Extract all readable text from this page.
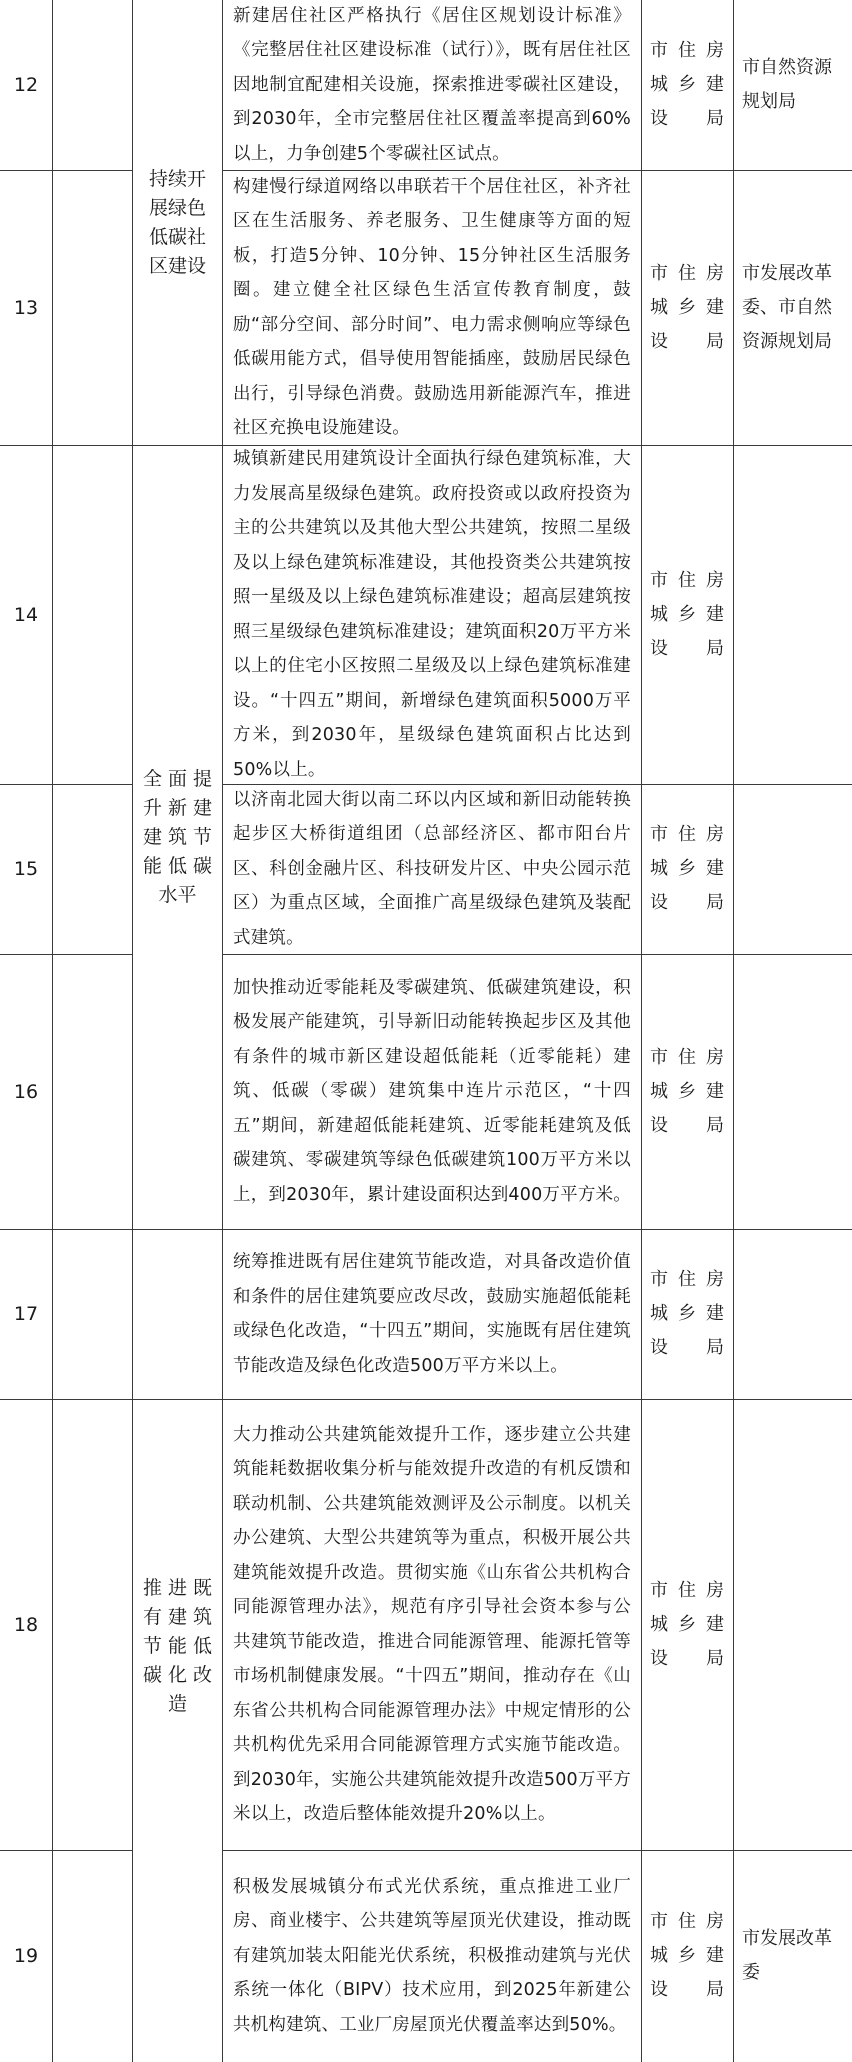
12
新建居住社区严格执行《居住区规划设计标准》《完整居住社区建设标准（试行）》，既有居住社区因地制宜配建相关设施，探索推进零碳社区建设，到2030年，全市完整居住社区覆盖率提高到60%以上，力争创建5个零碳社区试点。
市住房城乡建设局
市自然资源规划局
13
构建慢行绿道网络以串联若干个居住社区，补齐社区在生活服务、养老服务、卫生健康等方面的短板，打造5分钟、10分钟、15分钟社区生活服务圈。建立健全社区绿色生活宣传教育制度，鼓励“部分空间、部分时间”、电力需求侧响应等绿色低碳用能方式，倡导使用智能插座，鼓励居民绿色出行，引导绿色消费。鼓励选用新能源汽车，推进社区充换电设施建设。
市住房城乡建设局
市发展改革委、市自然资源规划局
14
城镇新建民用建筑设计全面执行绿色建筑标准，大力发展高星级绿色建筑。政府投资或以政府投资为主的公共建筑以及其他大型公共建筑，按照二星级及以上绿色建筑标准建设，其他投资类公共建筑按照一星级及以上绿色建筑标准建设；超高层建筑按照三星级绿色建筑标准建设；建筑面积20万平方米以上的住宅小区按照二星级及以上绿色建筑标准建设。“十四五”期间，新增绿色建筑面积5000万平方米，到2030年，星级绿色建筑面积占比达到50%以上。
市住房城乡建设局
15
以济南北园大街以南二环以内区域和新旧动能转换起步区大桥街道组团（总部经济区、都市阳台片区、科创金融片区、科技研发片区、中央公园示范区）为重点区域，全面推广高星级绿色建筑及装配式建筑。
市住房城乡建设局
16
加快推动近零能耗及零碳建筑、低碳建筑建设，积极发展产能建筑，引导新旧动能转换起步区及其他有条件的城市新区建设超低能耗（近零能耗）建筑、低碳（零碳）建筑集中连片示范区，“十四五”期间，新建超低能耗建筑、近零能耗建筑及低碳建筑、零碳建筑等绿色低碳建筑100万平方米以上，到2030年，累计建设面积达到400万平方米。
市住房城乡建设局
17
统筹推进既有居住建筑节能改造，对具备改造价值和条件的居住建筑要应改尽改，鼓励实施超低能耗或绿色化改造，“十四五”期间，实施既有居住建筑节能改造及绿色化改造500万平方米以上。
市住房城乡建设局
18
大力推动公共建筑能效提升工作，逐步建立公共建筑能耗数据收集分析与能效提升改造的有机反馈和联动机制、公共建筑能效测评及公示制度。以机关办公建筑、大型公共建筑等为重点，积极开展公共建筑能效提升改造。贯彻实施《山东省公共机构合同能源管理办法》，规范有序引导社会资本参与公共建筑节能改造，推进合同能源管理、能源托管等市场机制健康发展。“十四五”期间，推动存在《山东省公共机构合同能源管理办法》中规定情形的公共机构优先采用合同能源管理方式实施节能改造。到2030年，实施公共建筑能效提升改造500万平方米以上，改造后整体能效提升20%以上。
市住房城乡建设局
19
积极发展城镇分布式光伏系统，重点推进工业厂房、商业楼宇、公共建筑等屋顶光伏建设，推动既有建筑加装太阳能光伏系统，积极推动建筑与光伏系统一体化（BIPV）技术应用，到2025年新建公共机构建筑、工业厂房屋顶光伏覆盖率达到50%。
市住房城乡建设局
市发展改革委
持续开
展绿色
低碳社
区建设
全 面 提
升 新 建
建 筑 节
能 低 碳
水平
推 进 既
有 建 筑
节 能 低
碳 化 改
造
